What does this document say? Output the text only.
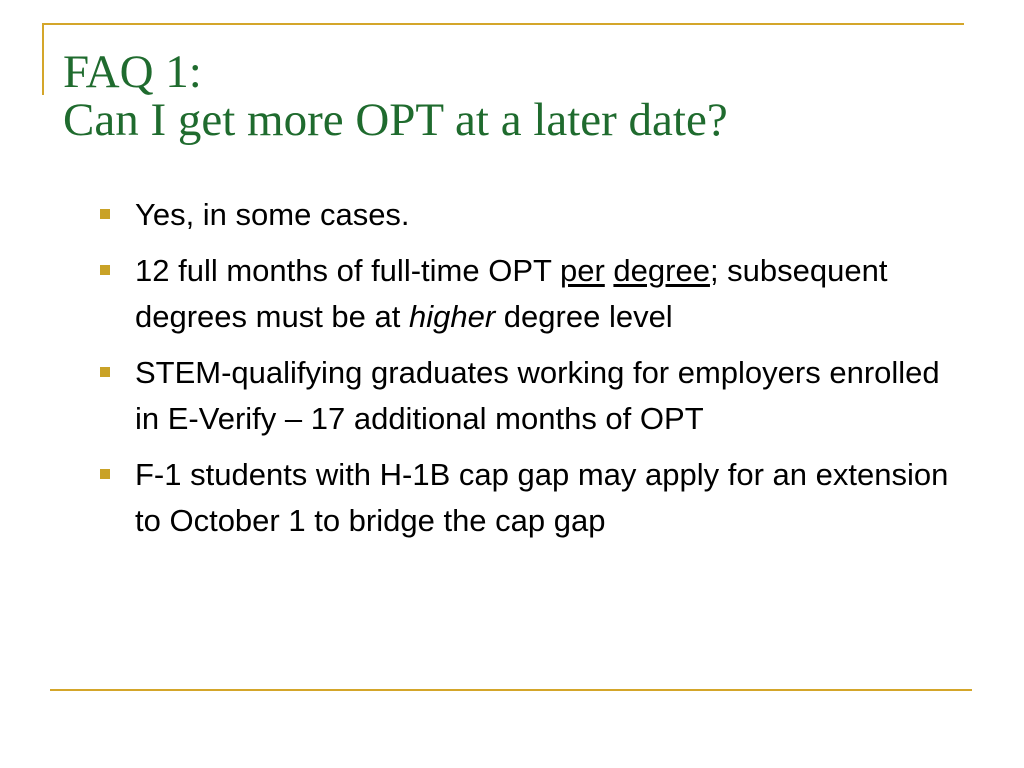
FAQ 1:
Can I get more OPT at a later date?
Yes, in some cases.
12 full months of full-time OPT per degree; subsequent degrees must be at higher degree level
STEM-qualifying graduates working for employers enrolled in E-Verify – 17 additional months of OPT
F-1 students with H-1B cap gap may apply for an extension to October 1 to bridge the cap gap
